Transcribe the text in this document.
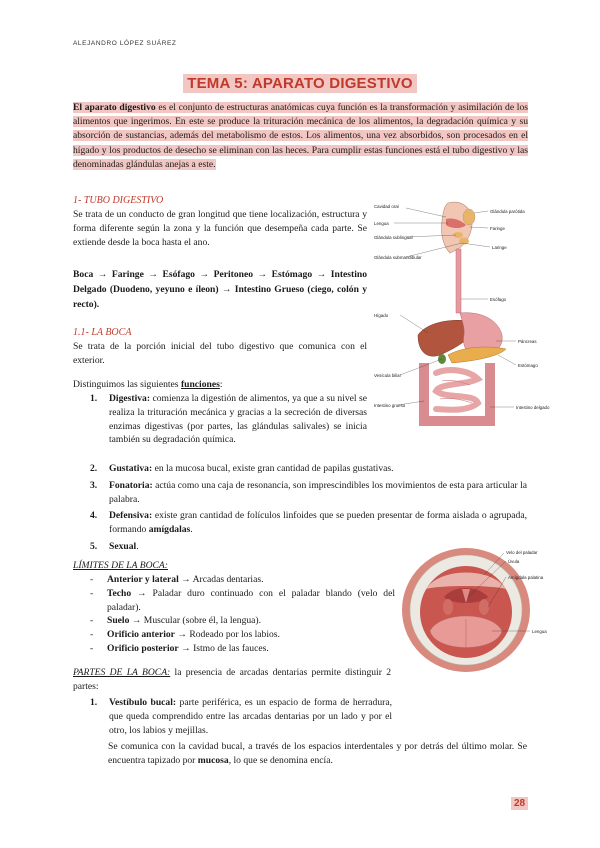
ALEJANDRO LÓPEZ SUÁREZ
TEMA 5: APARATO DIGESTIVO
El aparato digestivo es el conjunto de estructuras anatómicas cuya función es la transformación y asimilación de los alimentos que ingerimos. En este se produce la trituración mecánica de los alimentos, la degradación química y su absorción de sustancias, además del metabolismo de estos. Los alimentos, una vez absorbidos, son procesados en el hígado y los productos de desecho se eliminan con las heces. Para cumplir estas funciones está el tubo digestivo y las denominadas glándulas anejas a este.
1- TUBO DIGESTIVO
Se trata de un conducto de gran longitud que tiene localización, estructura y forma diferente según la zona y la función que desempeña cada parte. Se extiende desde la boca hasta el ano.
Boca → Faringe → Esófago → Peritoneo → Estómago → Intestino Delgado (Duodeno, yeyuno e íleon) → Intestino Grueso (ciego, colón y recto).
1.1- LA BOCA
Se trata de la porción inicial del tubo digestivo que comunica con el exterior.
Distinguimos las siguientes funciones:
1. Digestiva: comienza la digestión de alimentos, ya que a su nivel se realiza la trituración mecánica y gracias a la secreción de diversas enzimas digestivas (por partes, las glándulas salivales) se inicia también su degradación química.
2. Gustativa: en la mucosa bucal, existe gran cantidad de papilas gustativas.
3. Fonatoria: actúa como una caja de resonancia, son imprescindibles los movimientos de esta para articular la palabra.
4. Defensiva: existe gran cantidad de folículos linfoides que se pueden presentar de forma aislada o agrupada, formando amígdalas.
5. Sexual.
LÍMITES DE LA BOCA:
- Anterior y lateral → Arcadas dentarias.
- Techo → Paladar duro continuado con el paladar blando (velo del paladar).
- Suelo → Muscular (sobre él, la lengua).
- Orificio anterior → Rodeado por los labios.
- Orificio posterior → Istmo de las fauces.
PARTES DE LA BOCA: la presencia de arcadas dentarias permite distinguir 2 partes:
1. Vestíbulo bucal: parte periférica, es un espacio de forma de herradura, que queda comprendido entre las arcadas dentarias por un lado y por el otro, los labios y mejillas.
Se comunica con la cavidad bucal, a través de los espacios interdentales y por detrás del último molar. Se encuentra tapizado por mucosa, lo que se denomina encía.
Cavidad oral
Lengua
Glándula sublingual
Glándula submandibular
Glándula parótida
Faringe
Laringe
Esófago
Hígado
Páncreas
Estómago
Vesícula biliar
Intestino grueso	Intestino delgado
Velo del paladar
Úvula
Amígdala palatina
Lengua
28
